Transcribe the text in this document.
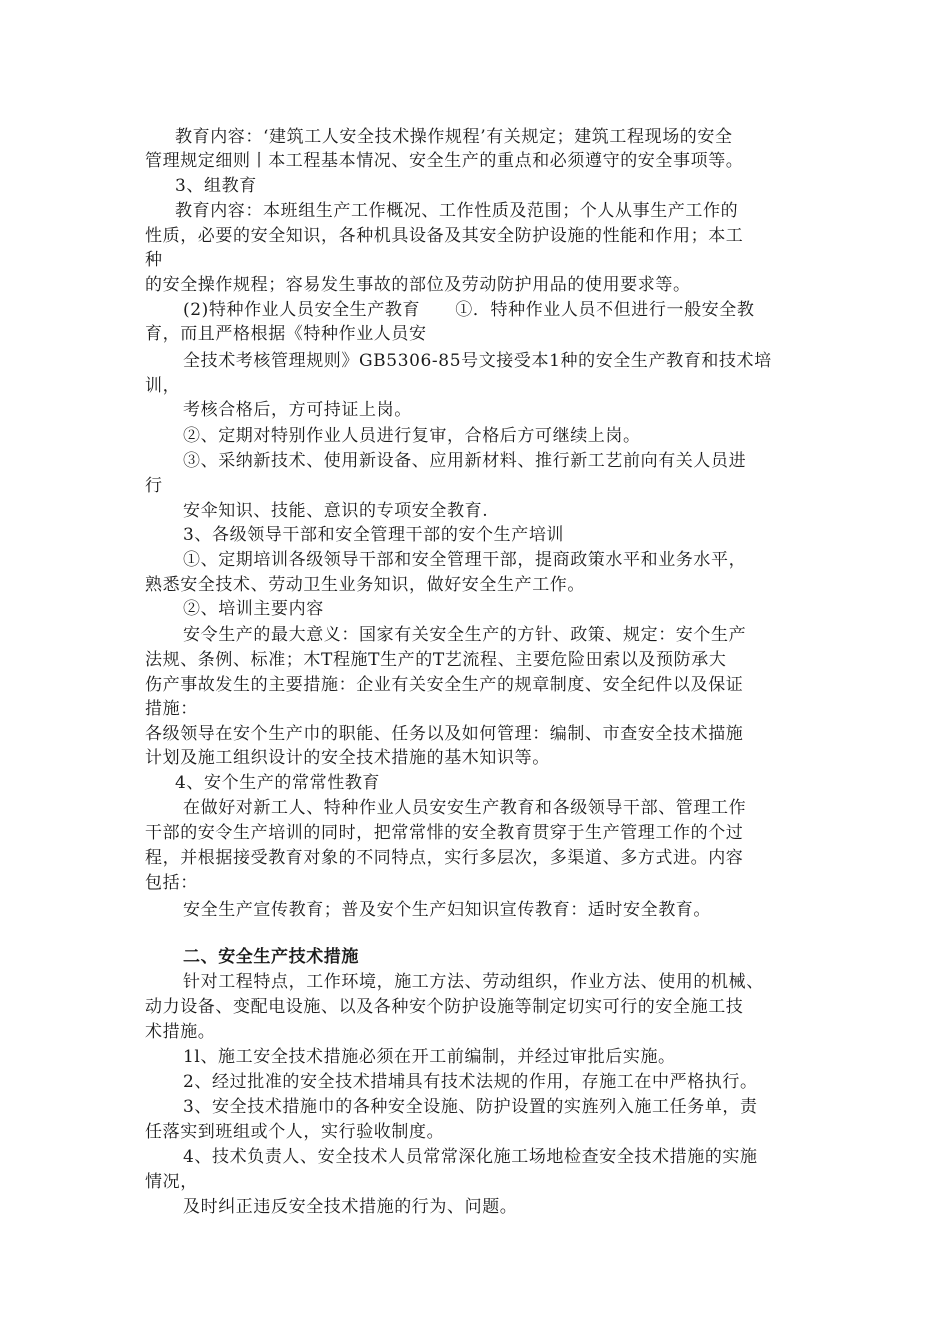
教育内容：‘建筑工人安全技术操作规程’有关规定；建筑工程现场的安全
管理规定细则丨本工程基本情况、安全生产的重点和必须遵守的安全事项等。
3、组教育
教育内容：本班组生产工作概况、工作性质及范围；个人从事生产工作的
性质，必要的安全知识，各种机具设备及其安全防护设施的性能和作用；本工
种
的安全操作规程；容易发生事故的部位及劳动防护用品的使用要求等。
(2)特种作业人员安全生产教育　　①．特种作业人员不但进行一般安全教
育，而且严格根据《特种作业人员安
全技术考核管理规则》GB5306-85号文接受本1种的安全生产教育和技术培
训，
考核合格后，方可持证上岗。
②、定期对特别作业人员进行复审，合格后方可继续上岗。
③、采纳新技术、使用新设备、应用新材料、推行新工艺前向有关人员进
行
安伞知识、技能、意识的专项安全教育.
3、各级领导干部和安全管理干部的安个生产培训
①、定期培训各级领导干部和安全管理干部，提商政策水平和业务水平，
熟悉安全技术、劳动卫生业务知识，做好安全生产工作。
②、培训主要内容
安令生产的最大意义：国家有关安全生产的方针、政策、规定：安个生产
法规、条例、标准；木T程施T生产的T艺流程、主要危险田索以及预防承大
伤产事故发生的主要措施：企业有关安全生产的规章制度、安全纪件以及保证
措施：
各级领导在安个生产巾的职能、任务以及如何管理：编制、市查安全技术描施
计划及施工组织设计的安全技术措施的基木知识等。
4、安个生产的常常性教育
在做好对新工人、特种作业人员安安生产教育和各级领导干部、管理工作
干部的安令生产培训的同时，把常常悱的安全教育贯穿于生产管理工作的个过
程，并根据接受教育对象的不同特点，实行多层次，多渠道、多方式进。内容
包括：
安全生产宣传教育；普及安个生产妇知识宣传教育：适时安全教育。
二、安全生产技术措施
针对工程特点，工作环境，施工方法、劳动组织，作业方法、使用的机械、
动力设备、变配电设施、以及各种安个防护设施等制定切实可行的安全施工技
术措施。
1l、施工安全技术措施必须在开工前编制，并经过审批后实施。
2、经过批准的安全技术措埔具有技术法规的作用，存施工在中严格执行。
3、安全技术措施巾的各种安全设施、防护设置的实旌列入施工任务单，责
任落实到班组或个人，实行验收制度。
4、技术负责人、安全技术人员常常深化施工场地检查安全技术措施的实施
情况，
及时纠正违反安全技术措施的行为、问题。
